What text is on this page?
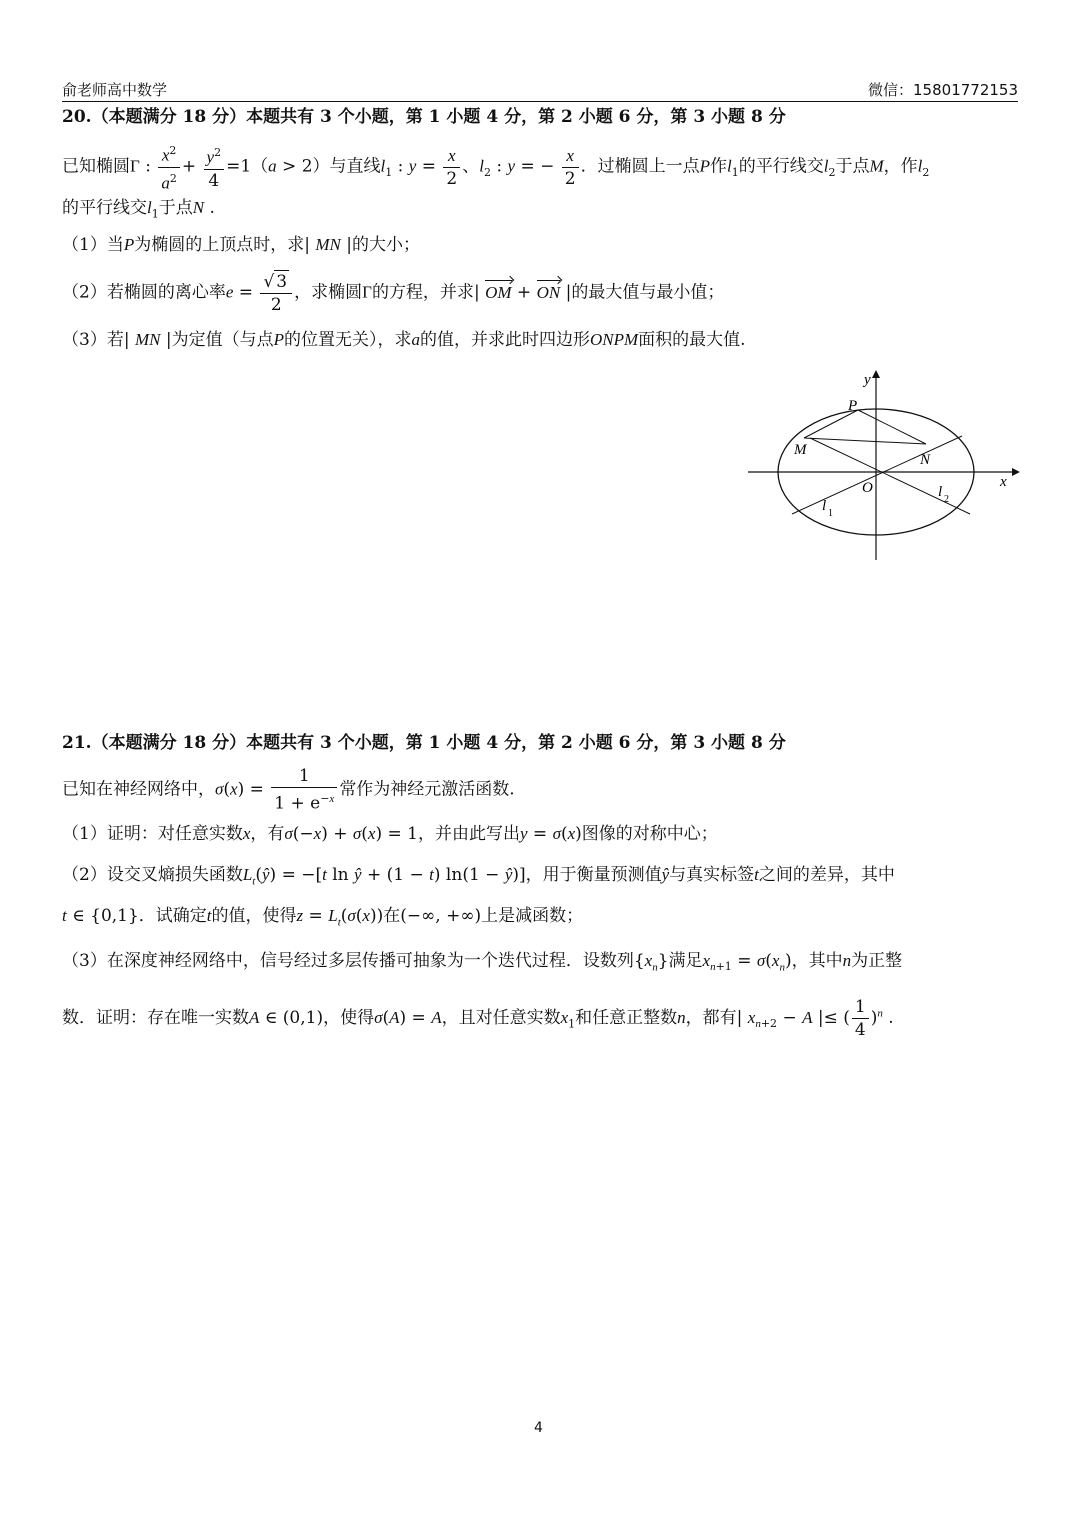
俞老师高中数学	微信：15801772153
20.（本题满分 18 分）本题共有 3 个小题，第 1 小题 4 分，第 2 小题 6 分，第 3 小题 8 分
已知椭圆Γ : $\frac{x^2}{a^2} + \frac{y^2}{4} =1(a > 2)$与直线$l_1$ : $y = \frac{x}{2}$ 、$l_2$ : y = − $\frac{x}{2}$ ．过椭圆上一点P作$l_1$的平行线交$l_2$于点M，作$l_2$
的平行线交$l_1$于点N .
（1）当P为椭圆的上顶点时，求| MN |的大小；
（2）若椭圆的离心率$e = \frac{√ 3}{2}$ ，求椭圆Γ的方程，并求| OM + ON |的最大值与最小值；
（3）若| MN |为定值（与点P的位置无关），求a的值，并求此时四边形ONPM面积的最大值.
y
x
P
M
N
O
l 1
l 2
21.（本题满分 18 分）本题共有 3 个小题，第 1 小题 4 分，第 2 小题 6 分，第 3 小题 8 分
已知在神经网络中，$\sigma(x) = \frac{1}{1 + e^{-x}}$ 常作为神经元激活函数.
（1）证明：对任意实数x，有σ(−x) + σ(x) = 1，并由此写出y = σ(x)图像的对称中心；
（2）设交叉熵损失函数$L_t(ŷ) = -[t$ ln ŷ + (1 − t) ln(1 − ŷ)]，用于衡量预测值ŷ与真实标签t之间的差异，其中
t ∈ {0,1}．试确定t的值，使得$z = L_t(\sigma(x))$在(−∞, +∞)上是减函数；
（3）在深度神经网络中，信号经过多层传播可抽象为一个迭代过程．设数列$\{x_n\}$满足$x_{n+1} = \sigma(x_n)$，其中n为正整
数．证明：存在唯一实数A ∈ (0,1)，使得σ(A) = A，且对任意实数$x_1$和任意正整数n，都有| $x_{n+2} - A$ |≤ ( $\frac{1}{4} )^n$ .
4
